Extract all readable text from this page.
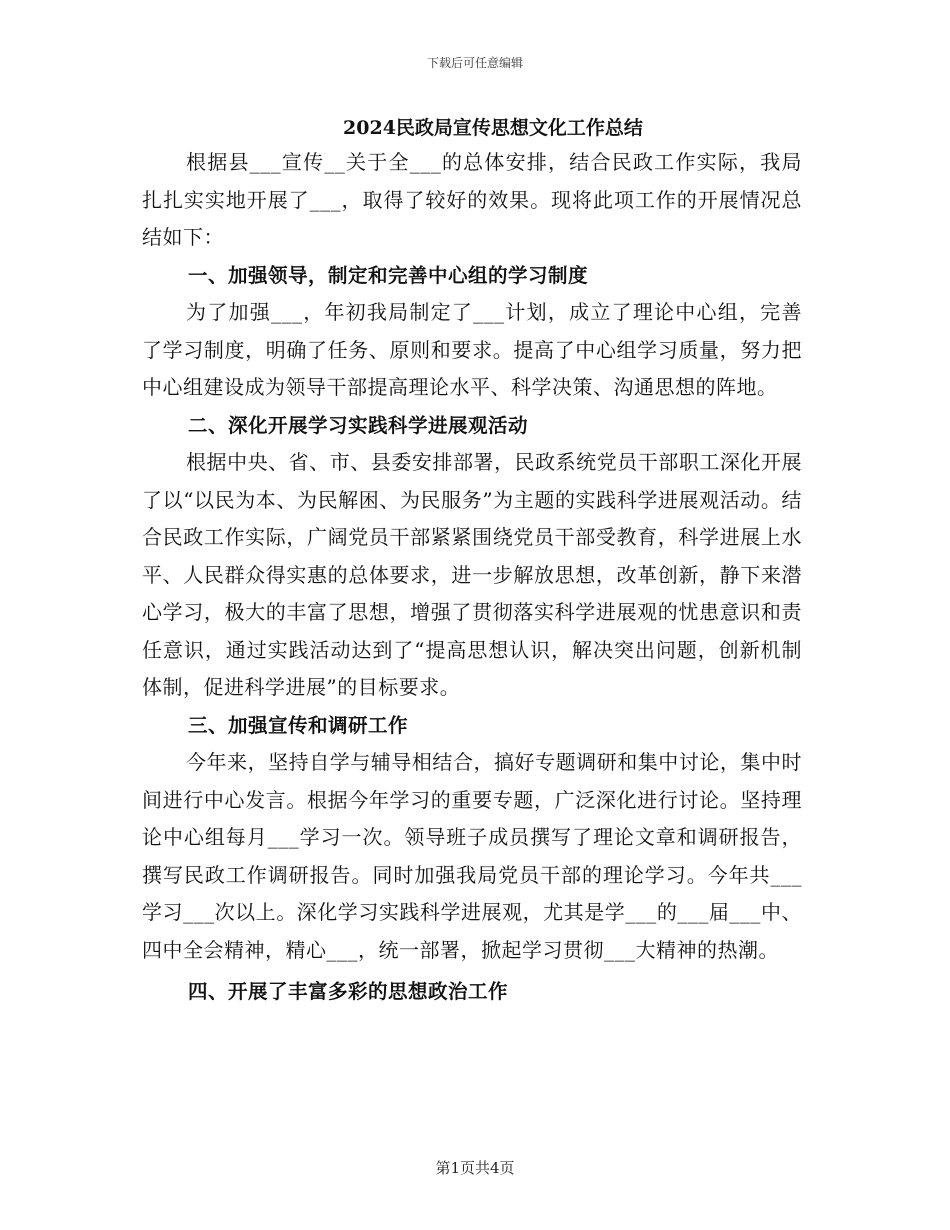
下载后可任意编辑
2024民政局宣传思想文化工作总结

根据县___宣传__关于全___的总体安排，结合民政工作实际，我局扎扎实实地开展了___，取得了较好的效果。现将此项工作的开展情况总结如下：

一、加强领导，制定和完善中心组的学习制度

为了加强___，年初我局制定了___计划，成立了理论中心组，完善了学习制度，明确了任务、原则和要求。提高了中心组学习质量，努力把中心组建设成为领导干部提高理论水平、科学决策、沟通思想的阵地。

二、深化开展学习实践科学进展观活动

根据中央、省、市、县委安排部署，民政系统党员干部职工深化开展了以“以民为本、为民解困、为民服务”为主题的实践科学进展观活动。结合民政工作实际，广阔党员干部紧紧围绕党员干部受教育，科学进展上水平、人民群众得实惠的总体要求，进一步解放思想，改革创新，静下来潜心学习，极大的丰富了思想，增强了贯彻落实科学进展观的忧患意识和责任意识，通过实践活动达到了“提高思想认识，解决突出问题，创新机制体制，促进科学进展”的目标要求。

三、加强宣传和调研工作

今年来，坚持自学与辅导相结合，搞好专题调研和集中讨论，集中时间进行中心发言。根据今年学习的重要专题，广泛深化进行讨论。坚持理论中心组每月___学习一次。领导班子成员撰写了理论文章和调研报告，撰写民政工作调研报告。同时加强我局党员干部的理论学习。今年共___学习___次以上。深化学习实践科学进展观，尤其是学___的___届___中、四中全会精神，精心___，统一部署，掀起学习贯彻___大精神的热潮。

四、开展了丰富多彩的思想政治工作
第1页共4页
